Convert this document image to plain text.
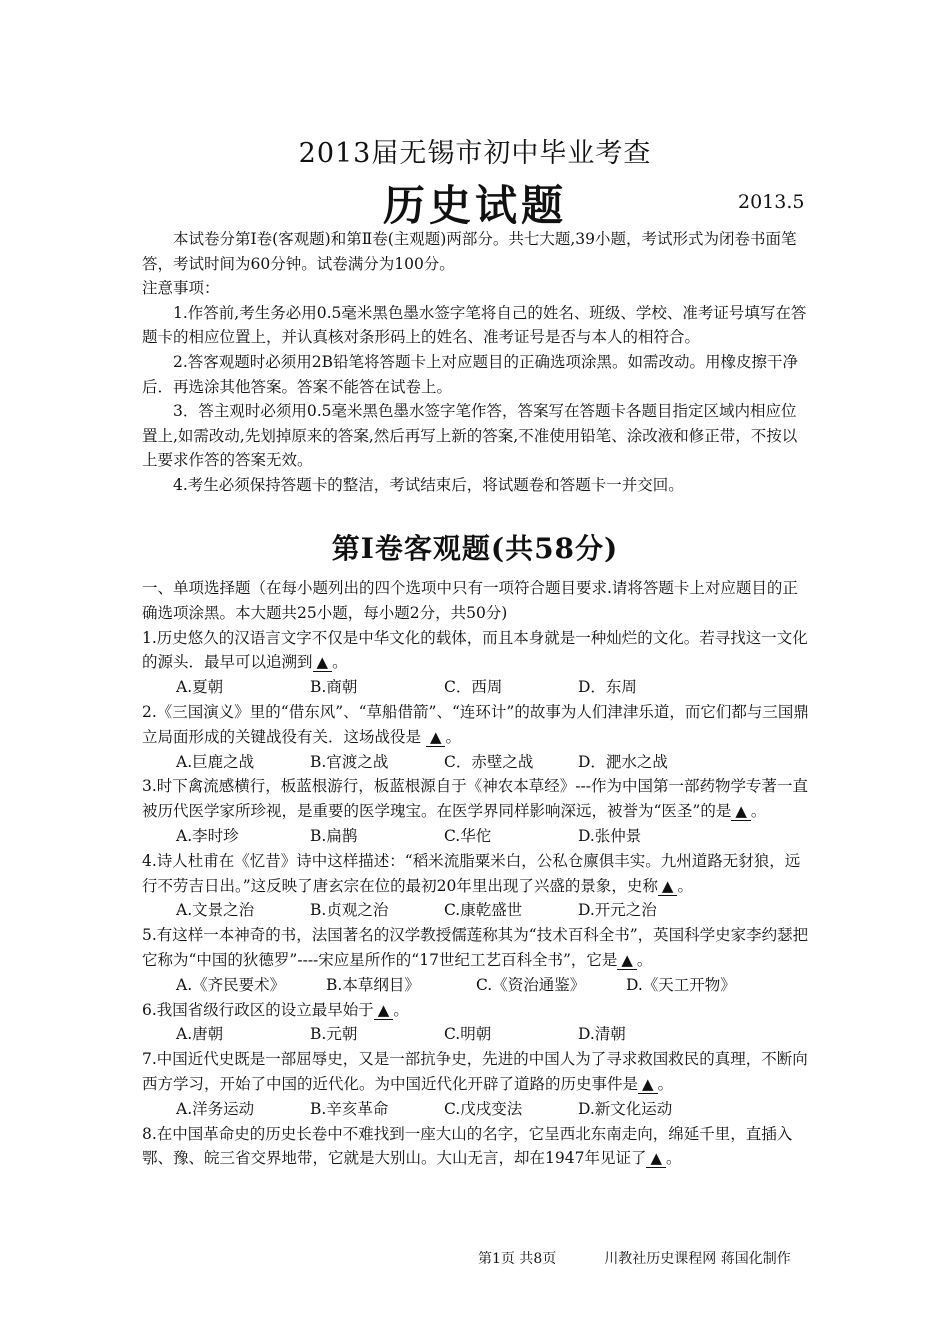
2013届无锡市初中毕业考查
历史试题	2013.5

本试卷分第Ⅰ卷(客观题)和第Ⅱ卷(主观题)两部分。共七大题,39小题，考试形式为闭卷书面笔答，考试时间为60分钟。试卷满分为100分。

注意事项：

1.作答前,考生务必用0.5毫米黑色墨水签字笔将自己的姓名、班级、学校、准考证号填写在答题卡的相应位置上，并认真核对条形码上的姓名、准考证号是否与本人的相符合。

2.答客观题时必须用2B铅笔将答题卡上对应题目的正确选项涂黑。如需改动。用橡皮擦干净后．再选涂其他答案。答案不能答在试卷上。

3．答主观时必须用0.5毫米黑色墨水签字笔作答，答案写在答题卡各题目指定区域内相应位置上,如需改动,先划掉原来的答案,然后再写上新的答案,不准使用铅笔、涂改液和修正带，不按以上要求作答的答案无效。

4.考生必须保持答题卡的整洁，考试结束后，将试题卷和答题卡一并交回。

第Ⅰ卷客观题(共58分)

一、单项选择题（在每小题列出的四个选项中只有一项符合题目要求.请将答题卡上对应题目的正确选项涂黑。本大题共25小题，每小题2分，共50分)

1.历史悠久的汉语言文字不仅是中华文化的载体，而且本身就是一种灿烂的文化。若寻找这一文化的源头．最早可以追溯到 ▲ 。

A.夏朝	B.商朝	C．西周	D．东周

2.《三国演义》里的“借东风”、“草船借箭”、“连环计”的故事为人们津津乐道，而它们都与三国鼎立局面形成的关键战役有关．这场战役是 ▲ 。

A.巨鹿之战	B.官渡之战	C．赤壁之战	D．淝水之战

3.时下禽流感横行，板蓝根游行，板蓝根源自于《神农本草经》---作为中国第一部药物学专著一直被历代医学家所珍视，是重要的医学瑰宝。在医学界同样影响深远，被誉为“医圣”的是 ▲ 。

A.李时珍	B.扁鹊	C.华佗	D.张仲景

4.诗人杜甫在《忆昔》诗中这样描述：“稻米流脂粟米白，公私仓廪俱丰实。九州道路无豺狼，远行不劳吉日出。”这反映了唐玄宗在位的最初20年里出现了兴盛的景象，史称 ▲ 。

A.文景之治	B.贞观之治	C.康乾盛世	D.开元之治

5.有这样一本神奇的书，法国著名的汉学教授儒莲称其为“技术百科全书”，英国科学史家李约瑟把它称为“中国的狄德罗”----宋应星所作的“17世纪工艺百科全书”，它是 ▲ 。

A.《齐民要术》	B.本草纲目》	C.《资治通鉴》	D.《天工开物》

6.我国省级行政区的设立最早始于 ▲ 。

A.唐朝	B.元朝	C.明朝	D.清朝

7.中国近代史既是一部屈辱史，又是一部抗争史，先进的中国人为了寻求救国救民的真理，不断向西方学习，开始了中国的近代化。为中国近代化开辟了道路的历史事件是 ▲ 。

A.洋务运动	B.辛亥革命	C.戊戌变法	D.新文化运动

8.在中国革命史的历史长卷中不难找到一座大山的名字，它呈西北东南走向，绵延千里，直插入鄂、豫、皖三省交界地带，它就是大别山。大山无言，却在1947年见证了 ▲ 。

第1页 共8页	川教社历史课程网 蒋国化制作
